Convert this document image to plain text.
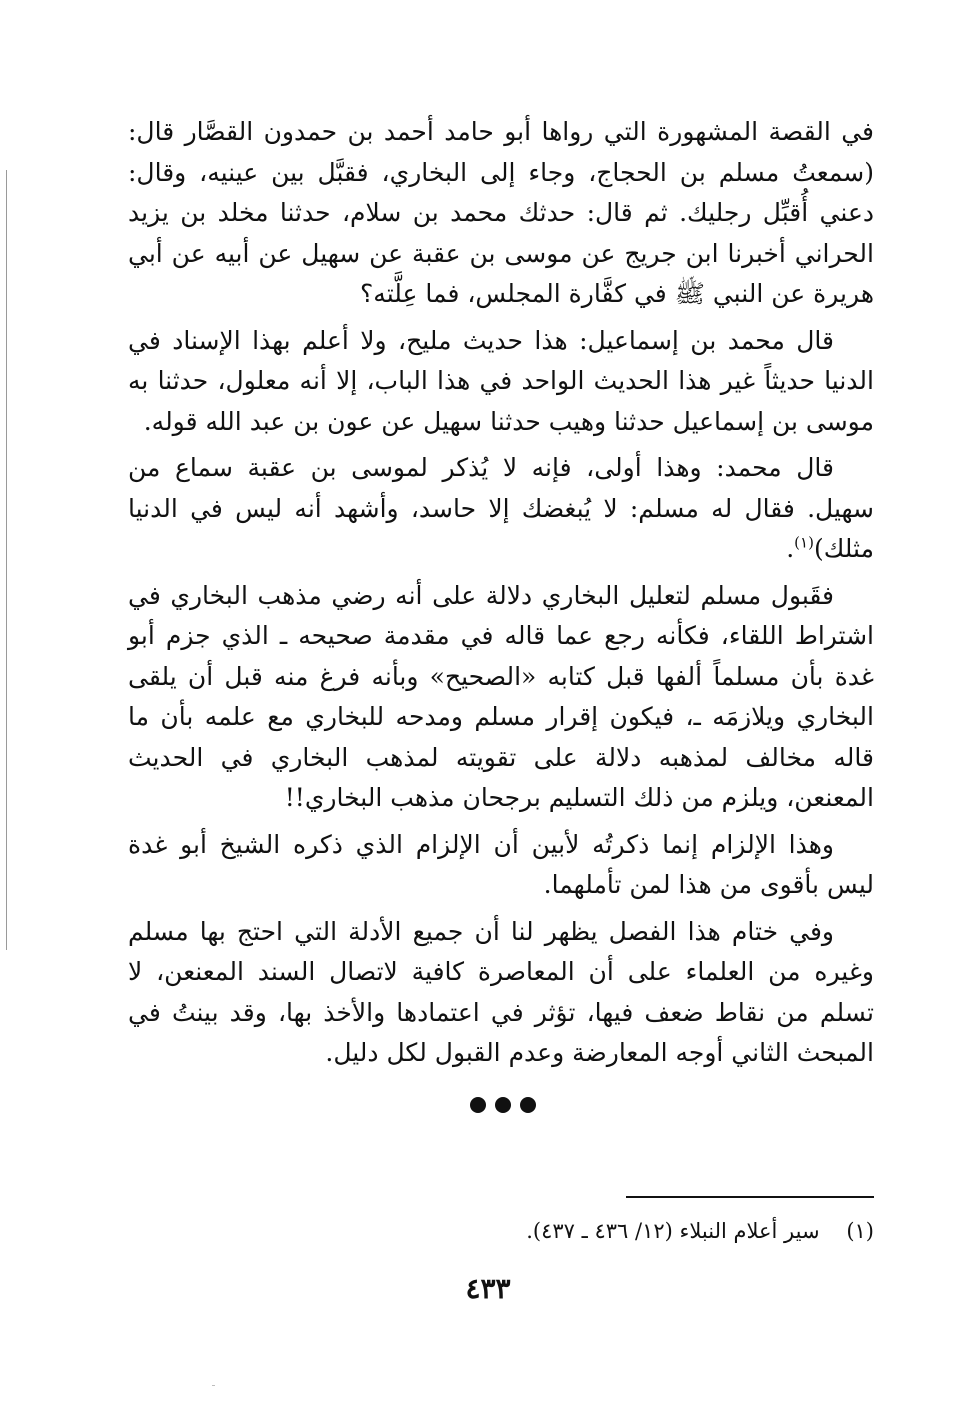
في القصة المشهورة التي رواها أبو حامد أحمد بن حمدون القصَّار قال: (سمعتُ مسلم بن الحجاج، وجاء إلى البخاري، فقبَّل بين عينيه، وقال: دعني أُقبِّل رجليك. ثم قال: حدثك محمد بن سلام، حدثنا مخلد بن يزيد الحراني أخبرنا ابن جريج عن موسى بن عقبة عن سهيل عن أبيه عن أبي هريرة عن النبي ﷺ في كفَّارة المجلس، فما عِلَّته؟

قال محمد بن إسماعيل: هذا حديث مليح، ولا أعلم بهذا الإسناد في الدنيا حديثاً غير هذا الحديث الواحد في هذا الباب، إلا أنه معلول، حدثنا به موسى بن إسماعيل حدثنا وهيب حدثنا سهيل عن عون بن عبد الله قوله.

قال محمد: وهذا أولى، فإنه لا يُذكر لموسى بن عقبة سماع من سهيل. فقال له مسلم: لا يُبغضك إلا حاسد، وأشهد أنه ليس في الدنيا مثلك)$^{(١)}$.

فقَبول مسلم لتعليل البخاري دلالة على أنه رضي مذهب البخاري في اشتراط اللقاء، فكأنه رجع عما قاله في مقدمة صحيحه ـ الذي جزم أبو غدة بأن مسلماً ألفها قبل كتابه «الصحيح» وبأنه فرغ منه قبل أن يلقى البخاري ويلازمَه ـ، فيكون إقرار مسلم ومدحه للبخاري مع علمه بأن ما قاله مخالف لمذهبه دلالة على تقويته لمذهب البخاري في الحديث المعنعن، ويلزم من ذلك التسليم برجحان مذهب البخاري!!

وهذا الإلزام إنما ذكرتُه لأبين أن الإلزام الذي ذكره الشيخ أبو غدة ليس بأقوى من هذا لمن تأملهما.

وفي ختام هذا الفصل يظهر لنا أن جميع الأدلة التي احتج بها مسلم وغيره من العلماء على أن المعاصرة كافية لاتصال السند المعنعن، لا تسلم من نقاط ضعف فيها، تؤثر في اعتمادها والأخذ بها، وقد بينتُ في المبحث الثاني أوجه المعارضة وعدم القبول لكل دليل.

(١)    سير أعلام النبلاء (١٢/ ٤٣٦ ـ ٤٣٧).
٤٣٣
